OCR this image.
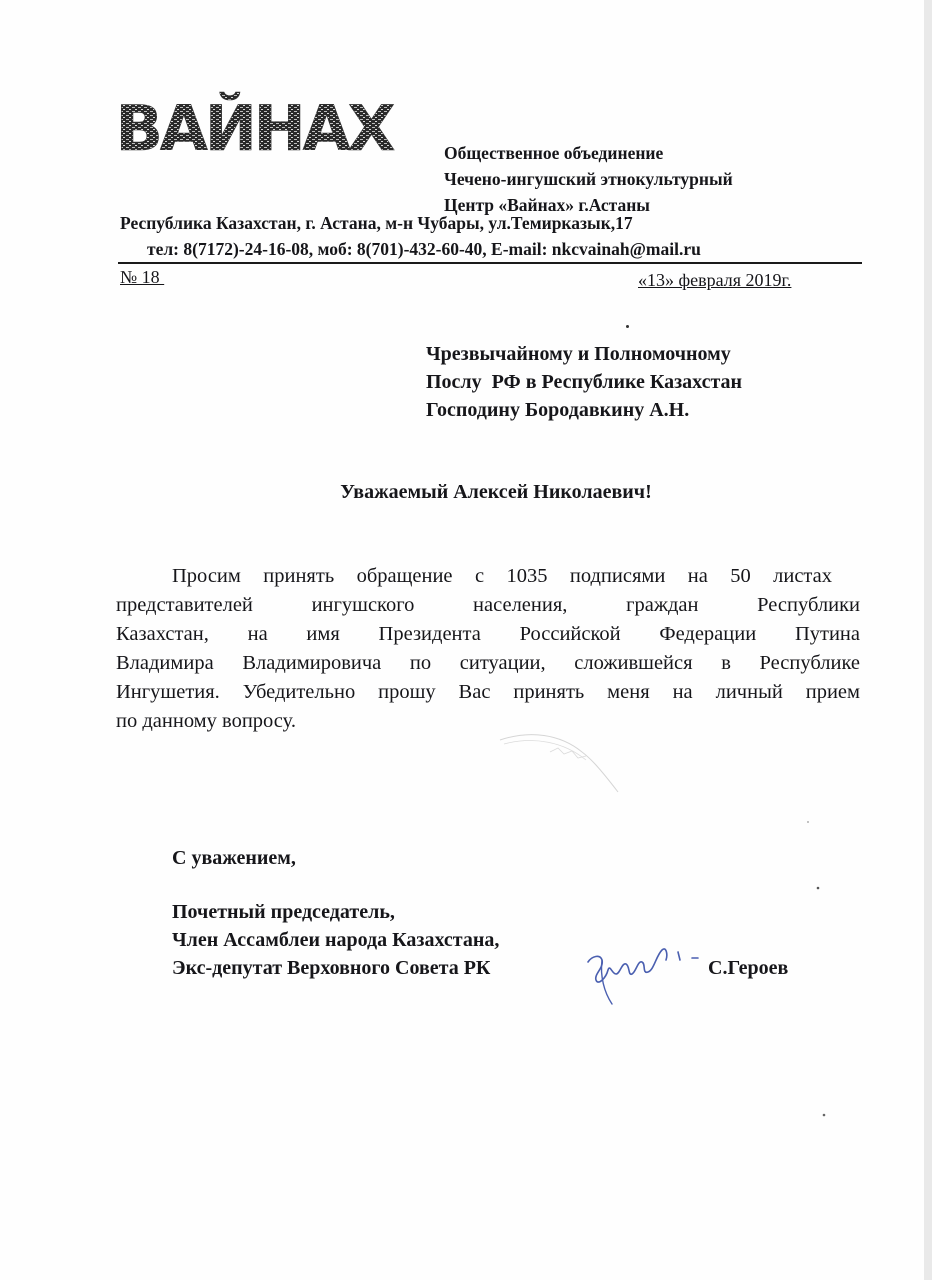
ВАЙНАХ	Общественное объединение
Чечено-ингушский этнокультурный
Центр «Вайнах» г.Астаны
Республика Казахстан, г. Астана, м-н Чубары, ул.Темирказык,17
тел: 8(7172)-24-16-08, моб: 8(701)-432-60-40, E-mail: nkcvainah@mail.ru
№ 18	«13» февраля 2019г.
Чрезвычайному и Полномочному
Послу  РФ в Республике Казахстан
Господину Бородавкину А.Н.
Уважаемый Алексей Николаевич!

Просим принять обращение с 1035 подписями на 50 листах

представителей ингушского населения, граждан Республики

Казахстан, на имя Президента Российской Федерации Путина

Владимира Владимировича по ситуации, сложившейся в Республике

Ингушетия. Убедительно прошу Вас принять меня на личный прием

по данному вопросу.

С уважением,
Почетный председатель,
Член Ассамблеи народа Казахстана,
Экс-депутат Верховного Совета РК	С.Героев
